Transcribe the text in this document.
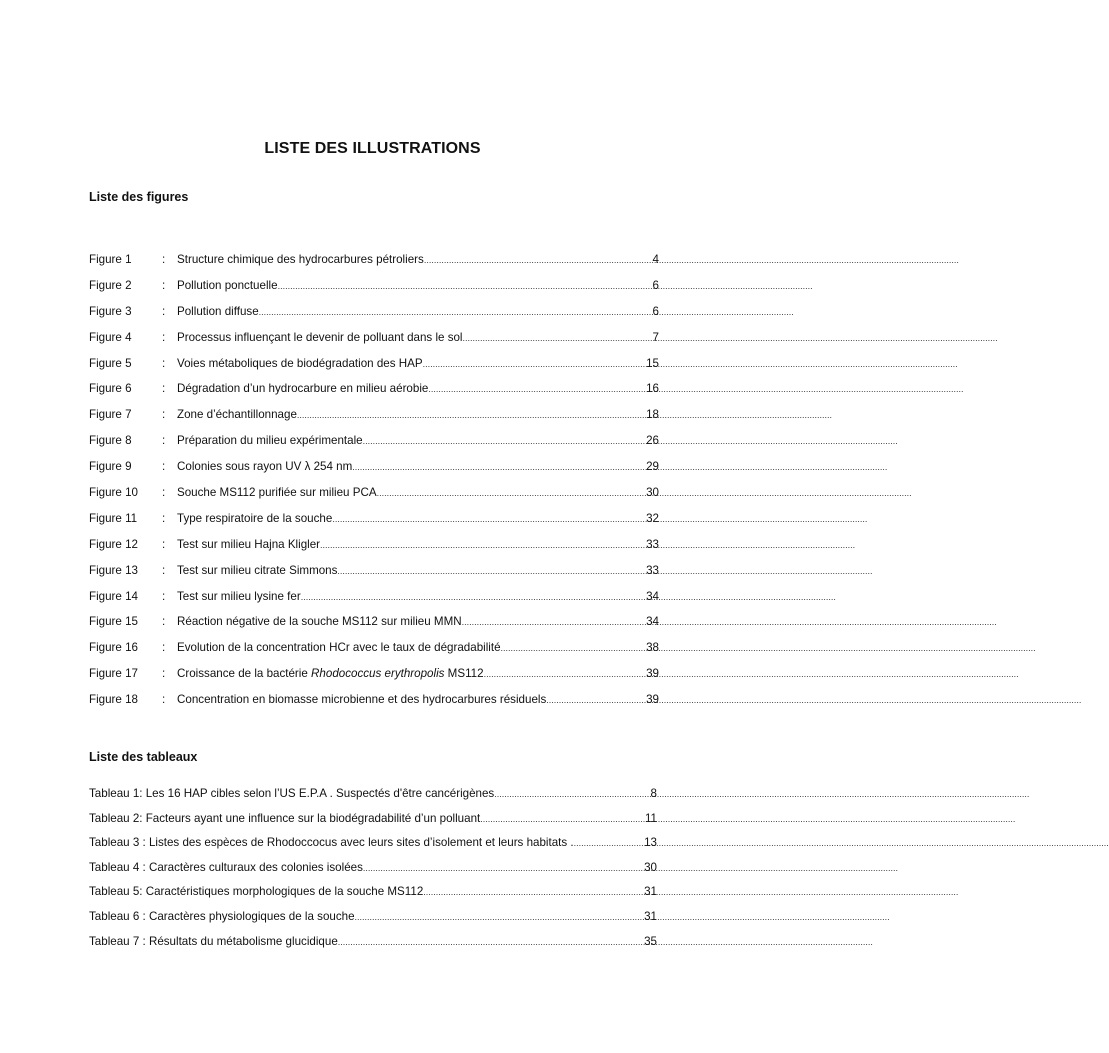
LISTE DES ILLUSTRATIONS
Liste des figures
Figure 1	:	Structure chimique des hydrocarbures pétroliers .....	4
Figure 2	:	Pollution ponctuelle .....	6
Figure 3	:	Pollution diffuse .....	6
Figure 4	:	Processus influençant le devenir de polluant dans le sol .....	7
Figure 5	:	Voies métaboliques de biodégradation des HAP .....	15
Figure 6	:	Dégradation d’un hydrocarbure en milieu aérobie .....	16
Figure 7	:	Zone d’échantillonnage .....	18
Figure 8	:	Préparation du milieu expérimentale .....	26
Figure 9	:	Colonies sous rayon UV λ 254 nm .....	29
Figure 10	:	Souche MS112 purifiée sur milieu PCA .....	30
Figure 11	:	Type respiratoire de la souche .....	32
Figure 12	:	Test sur milieu Hajna Kligler .....	33
Figure 13	:	Test sur milieu citrate Simmons .....	33
Figure 14	:	Test sur milieu lysine fer .....	34
Figure 15	:	Réaction négative de la souche MS112 sur milieu MMN .....	34
Figure 16	:	Evolution de la concentration HCr avec le taux de dégradabilité .....	38
Figure 17	:	Croissance de la bactérie Rhodococcus erythropolis MS112 .....	39
Figure 18	:	Concentration en biomasse microbienne et des hydrocarbures résiduels .....	39
Liste des tableaux
Tableau 1: Les 16 HAP cibles selon l’US E.P.A . Suspectés d'être cancérigènes .....	8
Tableau 2: Facteurs ayant une influence sur la biodégradabilité d’un polluant .....	11
Tableau 3 : Listes des espèces de Rhodoccocus avec leurs sites d’isolement et leurs habitats . .....	13
Tableau 4 : Caractères culturaux des colonies isolées .....	30
Tableau 5: Caractéristiques morphologiques de la souche MS112 .....	31
Tableau 6 : Caractères physiologiques de la souche .....	31
Tableau 7 : Résultats du métabolisme glucidique .....	35
